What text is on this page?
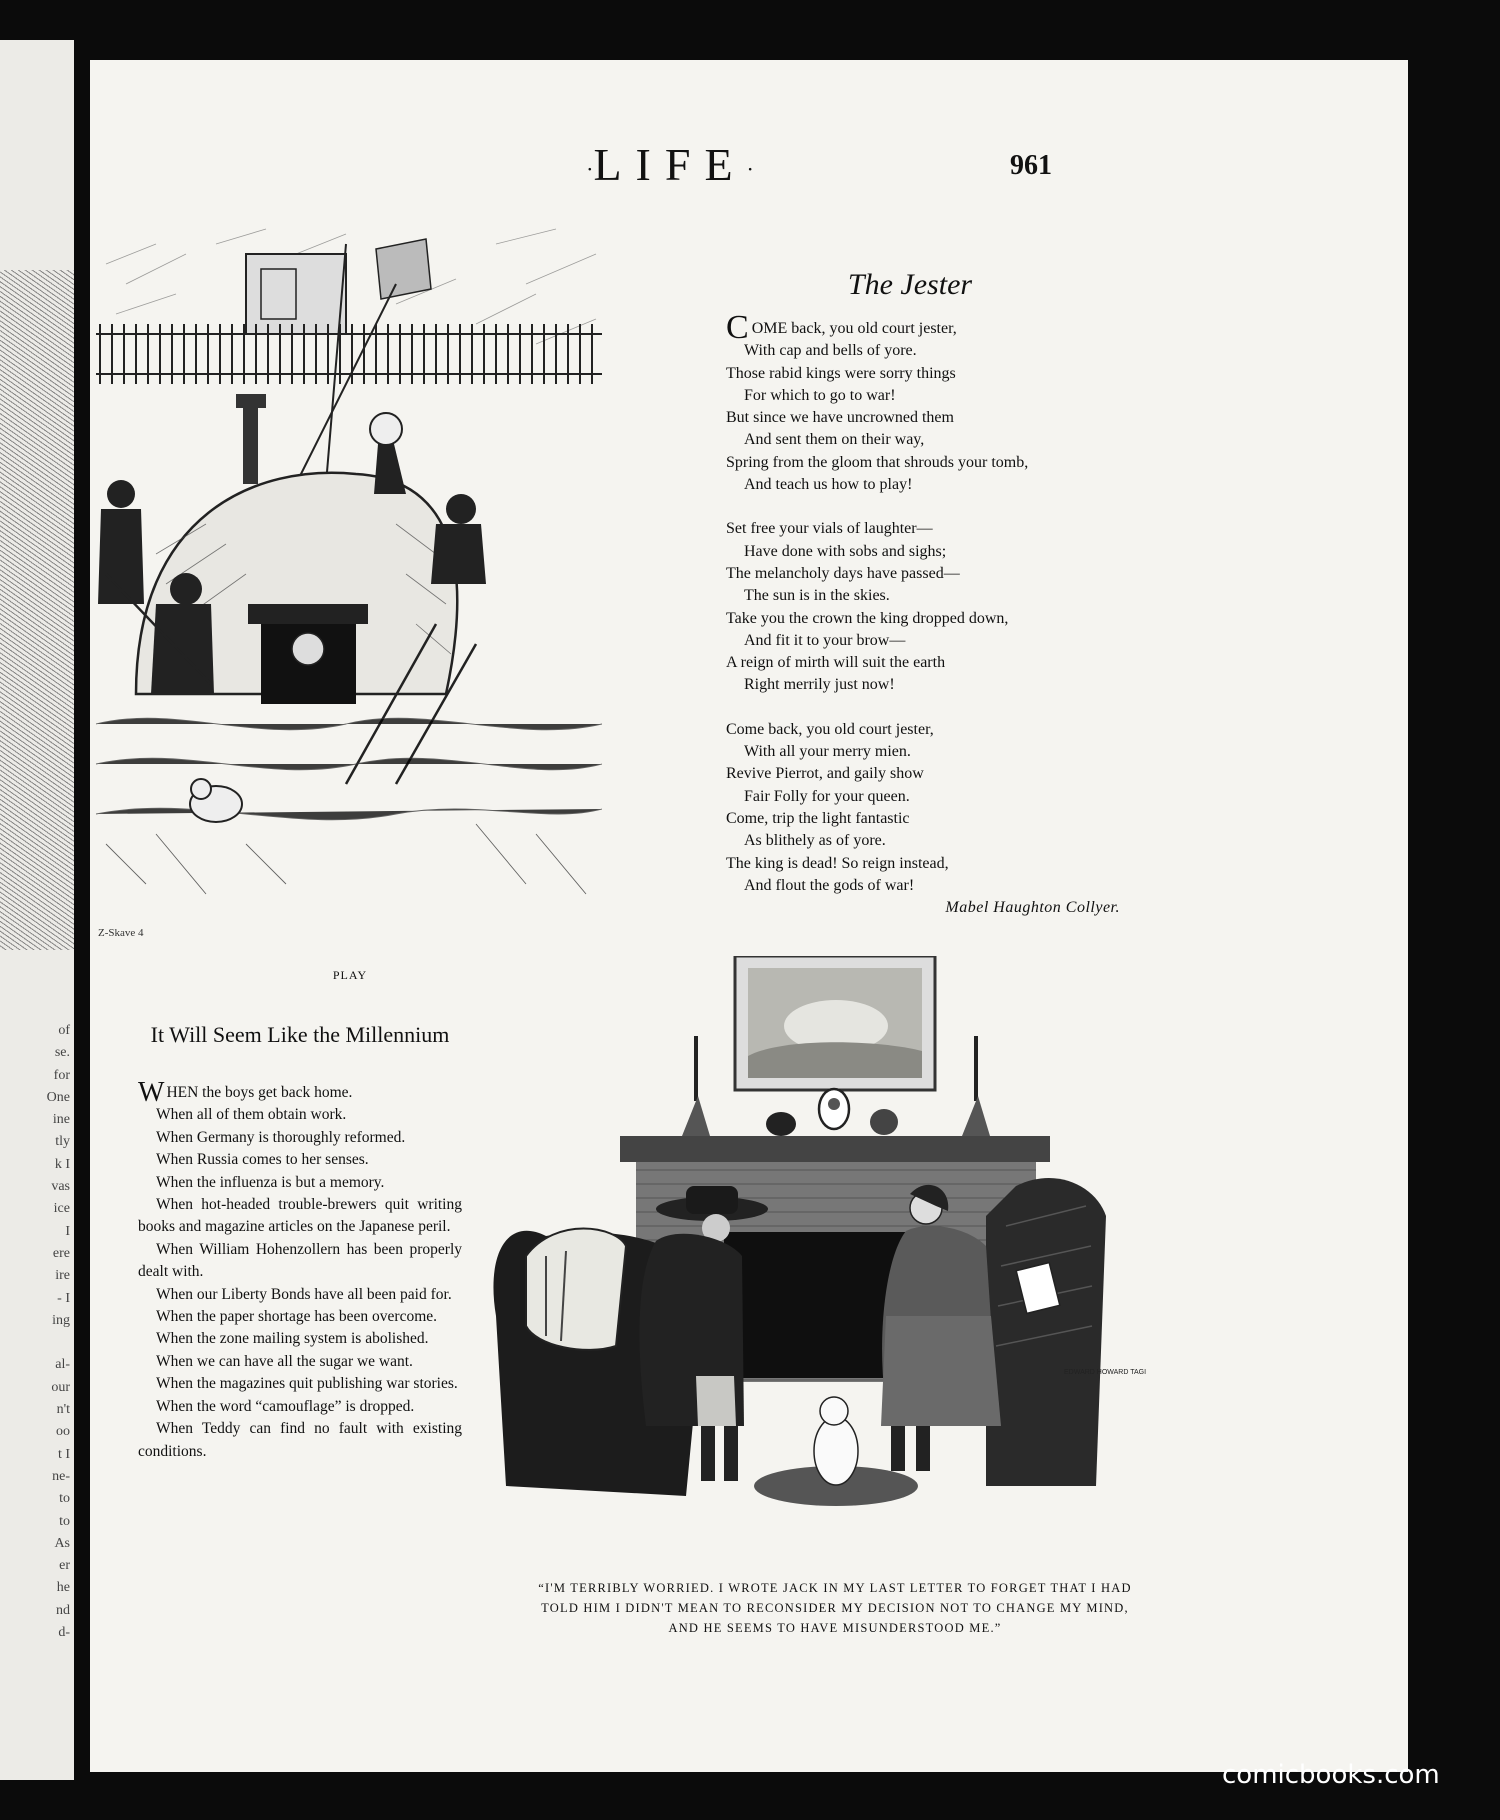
of
se.
for
One
ine
tly
k I
vas
ice
I
ere
ire
- I
ing

al-
our
n't
oo
t I
ne-
to
to
As
er
he
nd
d-
·LIFE·	961
Z-Skave 4
PLAY
The Jester
COME back, you old court jester,
With cap and bells of yore.
Those rabid kings were sorry things
For which to go to war!
But since we have uncrowned them
And sent them on their way,
Spring from the gloom that shrouds your tomb,
And teach us how to play!
Set free your vials of laughter—
Have done with sobs and sighs;
The melancholy days have passed—
The sun is in the skies.
Take you the crown the king dropped down,
And fit it to your brow—
A reign of mirth will suit the earth
Right merrily just now!
Come back, you old court jester,
With all your merry mien.
Revive Pierrot, and gaily show
Fair Folly for your queen.
Come, trip the light fantastic
As blithely as of yore.
The king is dead! So reign instead,
And flout the gods of war!
Mabel Haughton Collyer.
It Will Seem Like the Millennium

WHEN the boys get back home.

When all of them obtain work.

When Germany is thoroughly reformed.

When Russia comes to her senses.

When the influenza is but a memory.

When hot-headed trouble-brewers quit writing books and magazine articles on the Japanese peril.

When William Hohenzollern has been properly dealt with.

When our Liberty Bonds have all been paid for.

When the paper shortage has been overcome.

When the zone mailing system is abolished.

When we can have all the sugar we want.

When the magazines quit publishing war stories.

When the word “camouflage” is dropped.

When Teddy can find no fault with existing conditions.

EDWARD HOWARD TAGI
“I'M TERRIBLY WORRIED. I WROTE JACK IN MY LAST LETTER TO FORGET THAT I HAD TOLD HIM I DIDN'T MEAN TO RECONSIDER MY DECISION NOT TO CHANGE MY MIND, AND HE SEEMS TO HAVE MISUNDERSTOOD ME.”
comicbooks.com
